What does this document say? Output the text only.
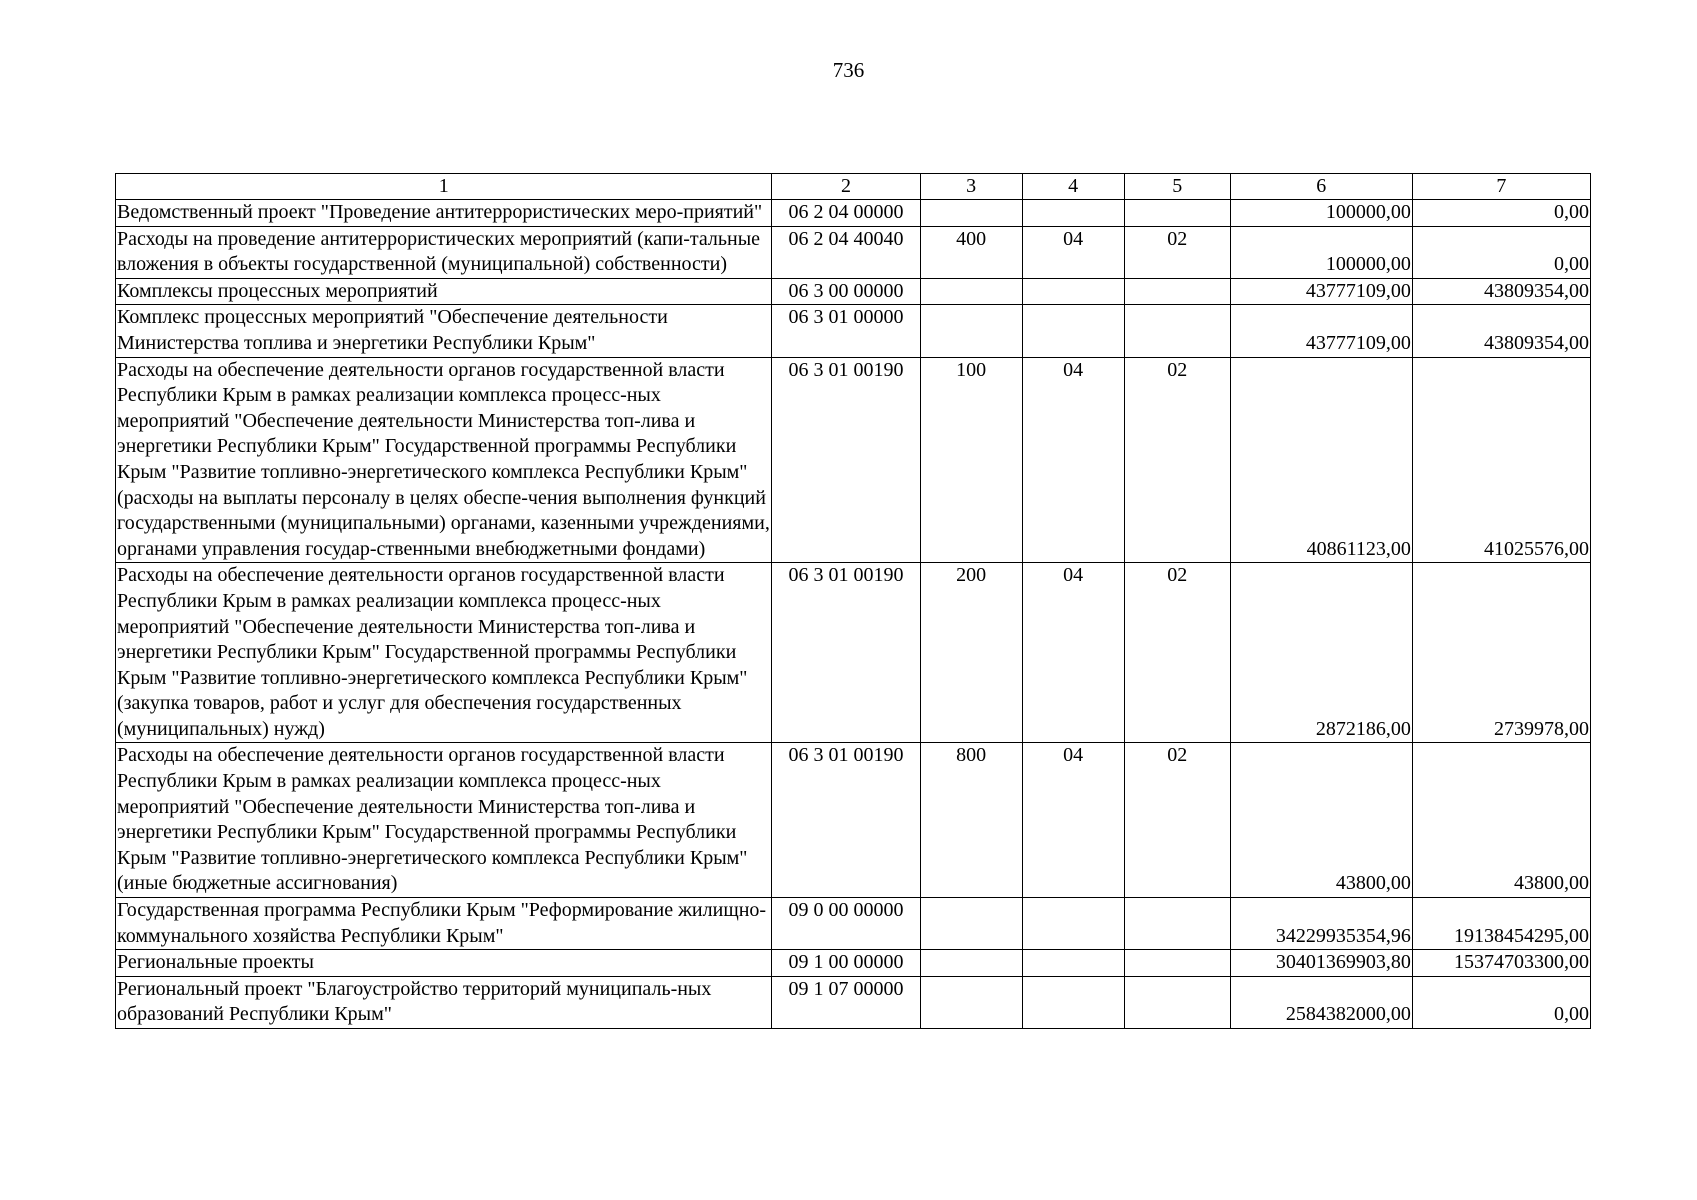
736
1	2	3	4	5	6	7
Ведомственный проект "Проведение антитеррористических меро-приятий"	06 2 04 00000				100000,00	0,00
Расходы на проведение антитеррористических мероприятий (капи-тальные вложения в объекты государственной (муниципальной) собственности)	06 2 04 40040	400	04	02	100000,00	0,00
Комплексы процессных мероприятий	06 3 00 00000				43777109,00	43809354,00
Комплекс процессных мероприятий "Обеспечение деятельности Министерства топлива и энергетики Республики Крым"	06 3 01 00000				43777109,00	43809354,00
Расходы на обеспечение деятельности органов государственной власти Республики Крым в рамках реализации комплекса процесс-ных мероприятий "Обеспечение деятельности Министерства топ-лива и энергетики Республики Крым" Государственной программы Республики Крым "Развитие топливно-энергетического комплекса Республики Крым" (расходы на выплаты персоналу в целях обеспе-чения выполнения функций государственными (муниципальными) органами, казенными учреждениями, органами управления государ-ственными внебюджетными фондами)	06 3 01 00190	100	04	02	40861123,00	41025576,00
Расходы на обеспечение деятельности органов государственной власти Республики Крым в рамках реализации комплекса процесс-ных мероприятий "Обеспечение деятельности Министерства топ-лива и энергетики Республики Крым" Государственной программы Республики Крым "Развитие топливно-энергетического комплекса Республики Крым" (закупка товаров, работ и услуг для обеспечения государственных (муниципальных) нужд)	06 3 01 00190	200	04	02	2872186,00	2739978,00
Расходы на обеспечение деятельности органов государственной власти Республики Крым в рамках реализации комплекса процесс-ных мероприятий "Обеспечение деятельности Министерства топ-лива и энергетики Республики Крым" Государственной программы Республики Крым "Развитие топливно-энергетического комплекса Республики Крым" (иные бюджетные ассигнования)	06 3 01 00190	800	04	02	43800,00	43800,00
Государственная программа Республики Крым "Реформирование жилищно-коммунального хозяйства Республики Крым"	09 0 00 00000				34229935354,96	19138454295,00
Региональные проекты	09 1 00 00000				30401369903,80	15374703300,00
Региональный проект "Благоустройство территорий муниципаль-ных образований Республики Крым"	09 1 07 00000				2584382000,00	0,00
